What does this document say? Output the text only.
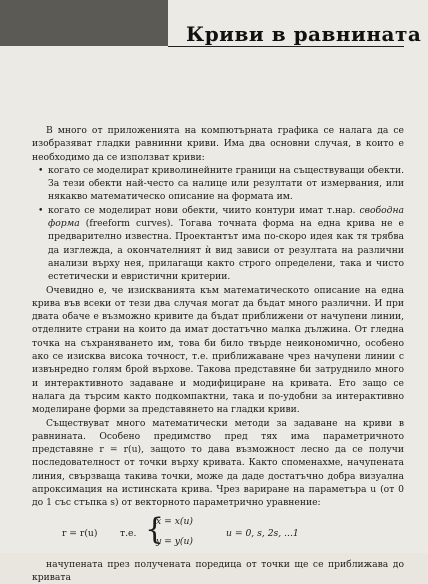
Криви в равнината

В много от приложенията на компютърната графика се налага да се изобразяват гладки равнинни криви. Има два основни случая, в които е необходимо да се използват криви:

• когато се моделират криволинейните граници на съществуващи обекти. За тези обекти най-често са налице или резултати от измервания, или някакво математическо описание на формата им.
• когато се моделират нови обекти, чиито контури имат т.нар. свободна форма (freeform curves). Тогава точната форма на една крива не е предварително известна. Проектантът има по-скоро идея как тя трябва да изглежда, а окончателният ѝ вид зависи от резултата на различни анализи върху нея, прилагащи както строго определени, така и чисто естетически и евристични критерии.

Очевидно е, че изискванията към математическото описание на една крива във всеки от тези два случая могат да бъдат много различни. И при двата обаче е възможно кривите да бъдат приближени от начупени линии, отделните страни на които да имат достатъчно малка дължина. От гледна точка на съхраняването им, това би било твърде неикономично, особено ако се изисква висока точност, т.е. приближаване чрез начупени линии с извънредно голям брой върхове. Такова представяне би затруднило много и интерактивното задаване и модифициране на кривата. Ето защо се налага да търсим както подкомпактни, така и по-удобни за интерактивно моделиране форми за представянето на гладки криви.

Съществуват много математически методи за задаване на криви в равнината. Особено предимство пред тях има параметричното представяне r = r(u), защото то дава възможност лесно да се получи последователност от точки върху кривата. Както споменахме, начупената линия, свързваща такива точки, може да даде достатъчно добра визуална апроксимация на истинската крива. Чрез вариране на параметъра u (от 0 до 1 със стъпка s) от векторното параметрично уравнение:

r = r(u) т.е. {
x = x(u)
y = y(u)
u = 0, s, 2s, ...1

начупената през получената поредица от точки ще се приближава до кривата
